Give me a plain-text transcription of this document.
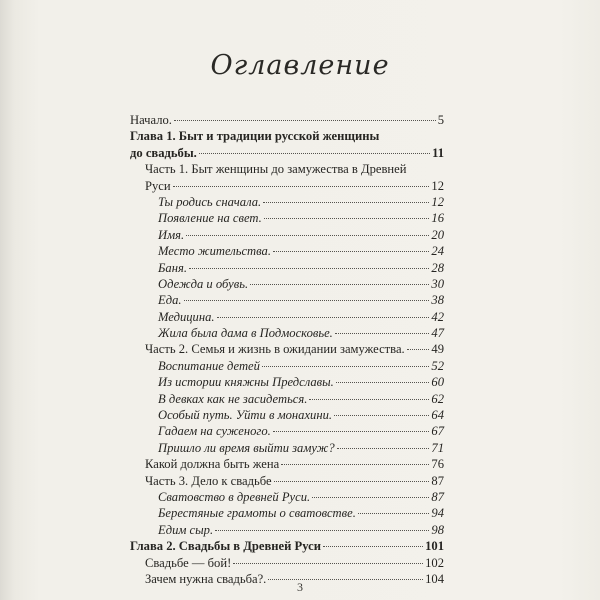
Оглавление
Начало.	5
Глава 1. Быт и традиции русской женщины
до свадьбы.	11
Часть 1. Быт женщины до замужества в Древней
Руси	12
Ты родись сначала.	12
Появление на свет.	16
Имя.	20
Место жительства.	24
Баня.	28
Одежда и обувь.	30
Еда.	38
Медицина.	42
Жила была дама в Подмосковье.	47
Часть 2. Семья и жизнь в ожидании замужества. 49
Воспитание детей	52
Из истории княжны Предславы.	60
В девках как не засидеться.	62
Особый путь. Уйти в монахини.	64
Гадаем на суженого.	67
Пришло ли время выйти замуж?	71
Какой должна быть жена	76
Часть 3. Дело к свадьбе	87
Сватовство в древней Руси.	87
Берестяные грамоты о сватовстве.	94
Едим сыр.	98
Глава 2. Свадьбы в Древней Руси	101
Свадьбе — бой!	102
Зачем нужна свадьба?.	104
3
